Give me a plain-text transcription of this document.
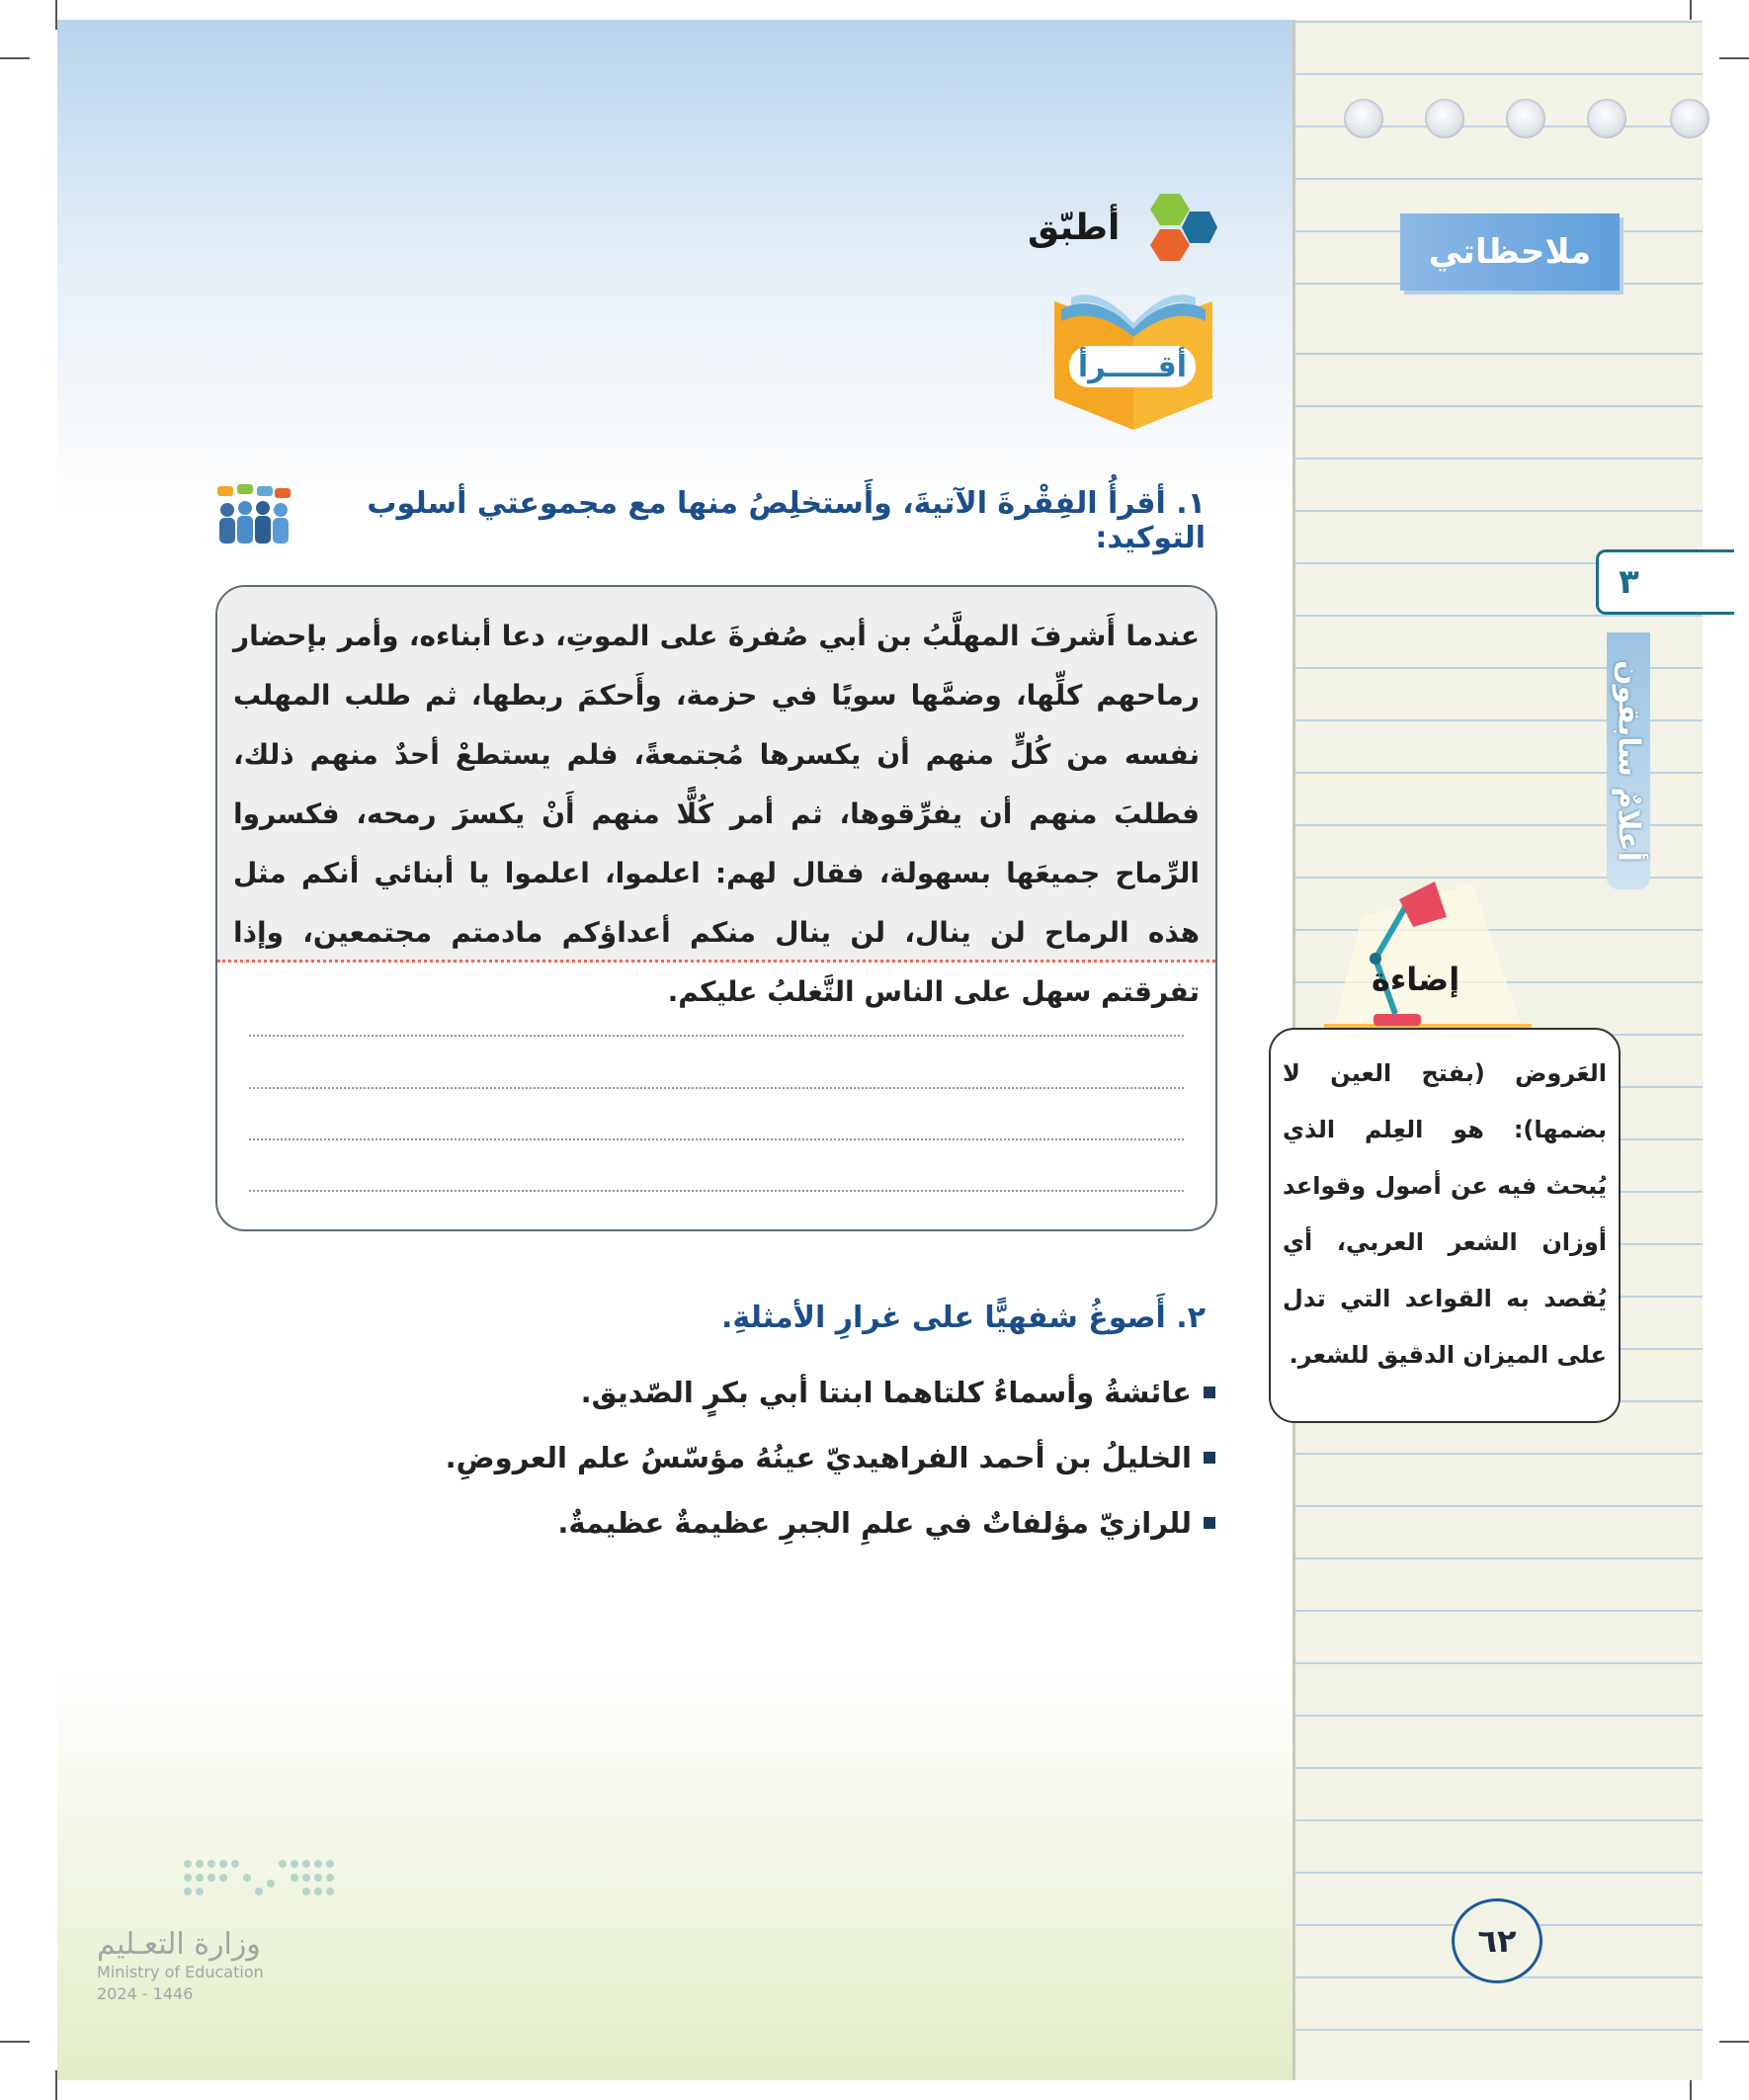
ملاحظاتي
٣
أعلامٌ سابقون
أطبّق
أقـــــرأ
١. أقرأُ الفِقْرةَ الآتيةَ، وأَستخلِصُ منها مع مجموعتي أسلوب التوكيد:
عندما أَشرفَ المهلَّبُ بن أبي صُفرةَ على الموتِ، دعا أبناءه، وأمر بإحضار رماحهم كلِّها، وضمَّها سويًا في حزمة، وأَحكمَ ربطها، ثم طلب المهلب نفسه من كُلٍّ منهم أن يكسرها مُجتمعةً، فلم يستطعْ أحدٌ منهم ذلك، فطلبَ منهم أن يفرِّقوها، ثم أمر كُلًّا منهم أَنْ يكسرَ رمحه، فكسروا الرِّماح جميعَها بسهولة، فقال لهم: اعلموا، اعلموا يا أبنائي أنكم مثل هذه الرماح لن ينال، لن ينال منكم أعداؤكم مادمتم مجتمعين، وإذا تفرقتم سهل على الناس التَّغلبُ عليكم.
٢. أَصوغُ شفهيًّا على غرارِ الأمثلةِ.
عائشةُ وأسماءُ كلتاهما ابنتا أبي بكرٍ الصّديق.
الخليلُ بن أحمد الفراهيديّ عينُهُ مؤسّسُ علم العروضِ.
للرازيّ مؤلفاتٌ في علمِ الجبرِ عظيمةٌ عظيمةٌ.
إضاءة
العَروض (بفتح العين لا بضمها): هو العِلم الذي يُبحث فيه عن أصول وقواعد أوزان الشعر العربي، أي يُقصد به القواعد التي تدل على الميزان الدقيق للشعر.
٦٢
وزارة التعـليم
Ministry of Education
2024 - 1446
